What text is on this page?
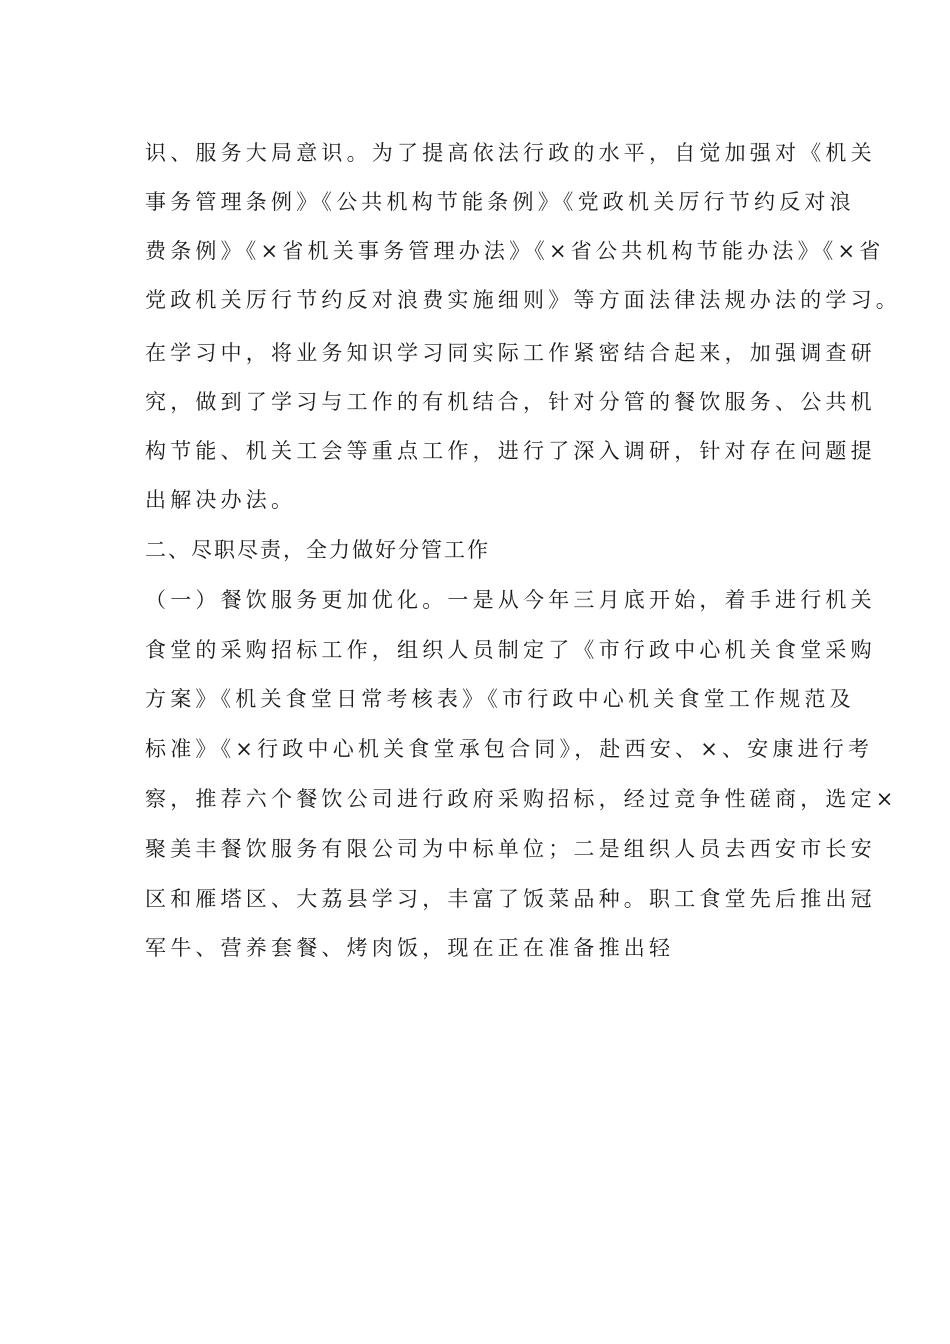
识、服务大局意识。为了提高依法行政的水平，自觉加强对《机关
事务管理条例》《公共机构节能条例》《党政机关厉行节约反对浪
费条例》《×省机关事务管理办法》《×省公共机构节能办法》《×省
党政机关厉行节约反对浪费实施细则》等方面法律法规办法的学习。
在学习中，将业务知识学习同实际工作紧密结合起来，加强调查研
究，做到了学习与工作的有机结合，针对分管的餐饮服务、公共机
构节能、机关工会等重点工作，进行了深入调研，针对存在问题提
出解决办法。
二、尽职尽责，全力做好分管工作
（一）餐饮服务更加优化。一是从今年三月底开始，着手进行机关
食堂的采购招标工作，组织人员制定了《市行政中心机关食堂采购
方案》《机关食堂日常考核表》《市行政中心机关食堂工作规范及
标准》《×行政中心机关食堂承包合同》，赴西安、×、安康进行考
察，推荐六个餐饮公司进行政府采购招标，经过竞争性磋商，选定×
聚美丰餐饮服务有限公司为中标单位；二是组织人员去西安市长安
区和雁塔区、大荔县学习，丰富了饭菜品种。职工食堂先后推出冠
军牛、营养套餐、烤肉饭，现在正在准备推出轻
